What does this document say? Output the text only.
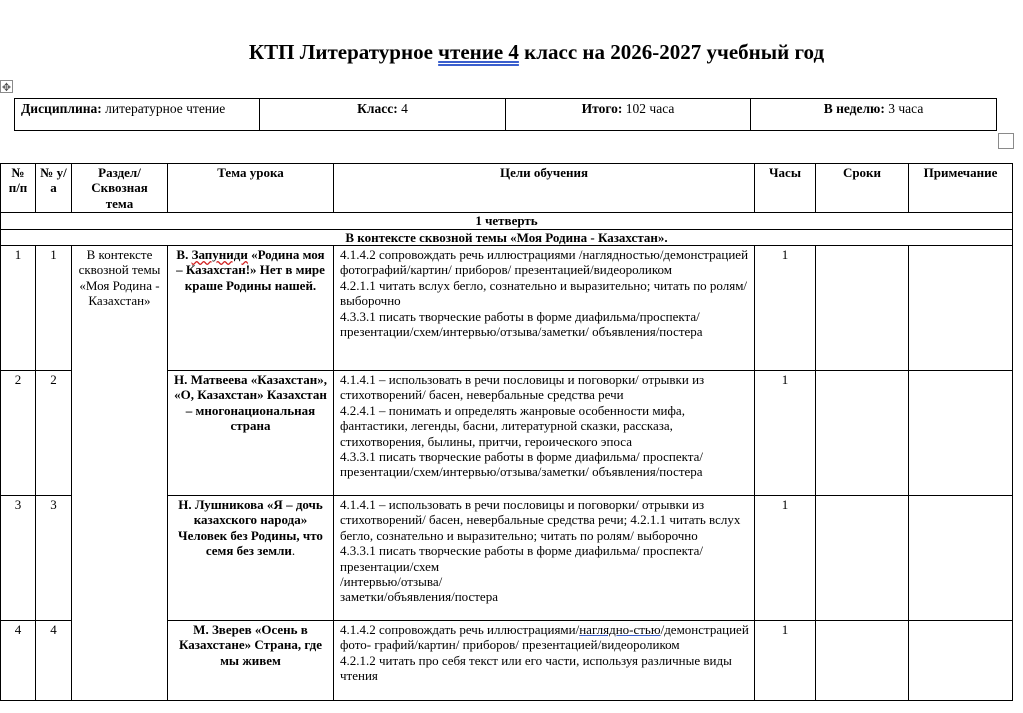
КТП Литературное чтение 4 класс на 2026-2027 учебный год
✥
Дисциплина: литературное чтение	Класс: 4	Итого: 102 часа	В неделю: 3 часа
№ п/п	№ у/а	Раздел/ Сквозная тема	Тема урока	Цели обучения	Часы	Сроки	Примечание
1 четверть							
В контексте сквозной темы «Моя Родина - Казахстан».							
1	1	В контексте сквозной темы «Моя Родина - Казахстан»	В. Запуниди «Родина моя – Казахстан!» Нет в мире краше Родины нашей.	4.1.4.2 сопровождать речь иллюстрациями /наглядностью/демонстрацией фотографий/картин/ приборов/ презентацией/видеороликом
4.2.1.1 читать вслух бегло, сознательно и выразительно; читать по ролям/ выборочно
4.3.3.1 писать творческие работы в форме диафильма/проспекта/презентации/схем/интервью/отзыва/заметки/ объявления/постера	1		
2	2		Н. Матвеева «Казахстан», «О, Казахстан» Казахстан – многонациональная страна	4.1.4.1 – использовать в речи пословицы и поговорки/ отрывки из стихотворений/ басен, невербальные средства речи
4.2.4.1 – понимать и определять жанровые особенности мифа, фантастики, легенды, басни, литературной сказки, рассказа, стихотворения, былины, притчи, героического эпоса
4.3.3.1 писать творческие работы в форме диафильма/ проспекта/презентации/схем/интервью/отзыва/заметки/ объявления/постера	1		
3	3		Н. Лушникова «Я – дочь казахского народа» Человек без Родины, что семя без земли.	4.1.4.1 – использовать в речи пословицы и поговорки/ отрывки из стихотворений/ басен, невербальные средства речи; 4.2.1.1 читать вслух бегло, сознательно и выразительно; читать по ролям/ выборочно
4.3.3.1 писать творческие работы в форме диафильма/ проспекта/презентации/схем
/интервью/отзыва/
заметки/объявления/постера	1		
4	4		М. Зверев «Осень в Казахстане» Страна, где мы живем	4.1.4.2 сопровождать речь иллюстрациями/наглядно-стью/демонстрацией фото- графий/картин/ приборов/ презентацией/видеороликом
4.2.1.2 читать про себя текст или его части, используя различные виды чтения	1		
